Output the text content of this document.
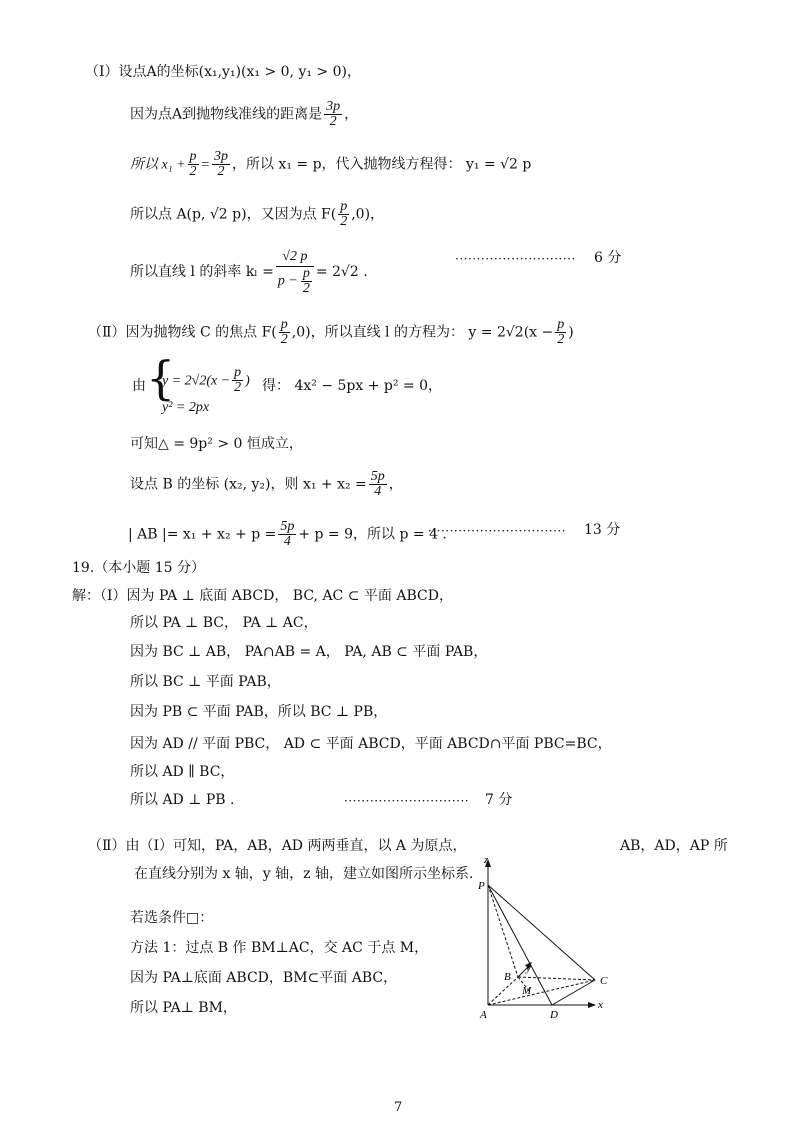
（Ⅰ）设点A的坐标(x₁,y₁)(x₁ > 0, y₁ > 0)，
因为点A到抛物线准线的距离是 $\frac{3p}{2}$ ，
所以 $x_1 + \frac{p}{2} = \frac{3p}{2}$ ，所以 x₁ = p，代入抛物线方程得： y₁ = √2 p
所以点 A(p, √2 p)，又因为点 $F( \frac{p}{2} ,0)$，
所以直线 l 的斜率 $k_l = \frac{√2 p}{p - \frac{p}{2}} = 2√2$ .
···························· 6 分
（Ⅱ）因为抛物线 C 的焦点 $F( \frac{p}{2} ,0)$，所以直线 l 的方程为： $y = 2√2(x - \frac{p}{2}$ )
由 {
$y = 2√2(x - \frac{p}{2}$ )
y² = 2px
得： 4x² − 5px + p² = 0，
可知△ = 9p² > 0 恒成立，
设点 B 的坐标 (x₂, y₂)，则 $x_1 + x_2 = \frac{5p}{4}$ ，
| AB |= $x_1 + x_2 + p = \frac{5p}{4} + p = 9$，所以 p = 4 .
································ 13 分
19.（本小题 15 分）
解：（Ⅰ）因为 PA ⊥ 底面 ABCD， BC, AC ⊂ 平面 ABCD，
所以 PA ⊥ BC， PA ⊥ AC，
因为 BC ⊥ AB， PA∩AB = A， PA, AB ⊂ 平面 PAB，
所以 BC ⊥ 平面 PAB，
因为 PB ⊂ 平面 PAB，所以 BC ⊥ PB，
因为 AD // 平面 PBC， AD ⊂ 平面 ABCD，平面 ABCD∩平面 PBC=BC，
所以 AD ∥ BC，
所以 AD ⊥ PB .	····························· 7 分
（Ⅱ）由（Ⅰ）可知，PA，AB，AD 两两垂直，以 A 为原点，	AB，AD，AP 所
在直线分别为 x 轴，y 轴，z 轴，建立如图所示坐标系.
若选条件□：
方法 1：过点 B 作 BM⊥AC，交 AC 于点 M，
因为 PA⊥底面 ABCD，BM⊂平面 ABC，
所以 PA⊥ BM，
z
P
B
y
M
C
x
A	D
7
